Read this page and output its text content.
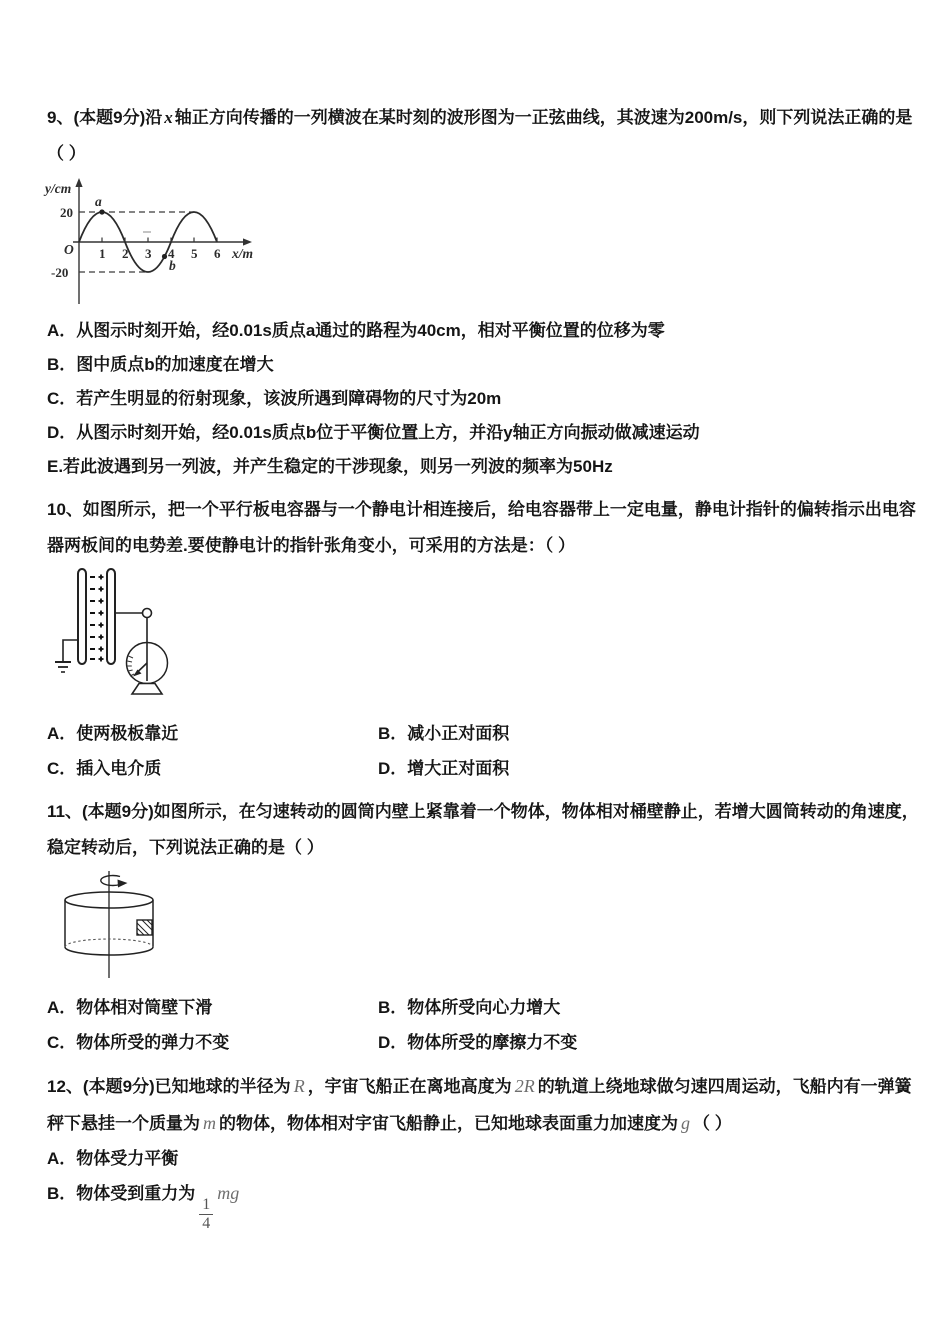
9、(本题9分)沿 x 轴正方向传播的一列横波在某时刻的波形图为一正弦曲线，其波速为200m/s，则下列说法正确的是
（ ）

y/cm
O
20
-20
1 2 3 4 5 6 x/m
a
b
A．从图示时刻开始，经0.01s质点a通过的路程为40cm，相对平衡位置的位移为零
B．图中质点b的加速度在增大
C．若产生明显的衍射现象，该波所遇到障碍物的尺寸为20m
D．从图示时刻开始，经0.01s质点b位于平衡位置上方，并沿y轴正方向振动做减速运动
E.若此波遇到另一列波，并产生稳定的干涉现象，则另一列波的频率为50Hz

10、如图所示，把一个平行板电容器与一个静电计相连接后，给电容器带上一定电量，静电计指针的偏转指示出电容
器两板间的电势差.要使静电计的指针张角变小，可采用的方法是：（ ）

A．使两极板靠近	B．减小正对面积
C．插入电介质	D．增大正对面积

11、(本题9分)如图所示，在匀速转动的圆筒内壁上紧靠着一个物体，物体相对桶壁静止，若增大圆筒转动的角速度，
稳定转动后，下列说法正确的是（ ）

A．物体相对筒壁下滑	B．物体所受向心力增大
C．物体所受的弹力不变	D．物体所受的摩擦力不变

12、(本题9分)已知地球的半径为 R ，宇宙飞船正在离地高度为 2R 的轨道上绕地球做匀速四周运动，飞船内有一弹簧
秤下悬挂一个质量为 m 的物体，物体相对宇宙飞船静止，已知地球表面重力加速度为 g （ ）

A．物体受力平衡
B．物体受到重力为
$\frac{1}{4}$
mg
